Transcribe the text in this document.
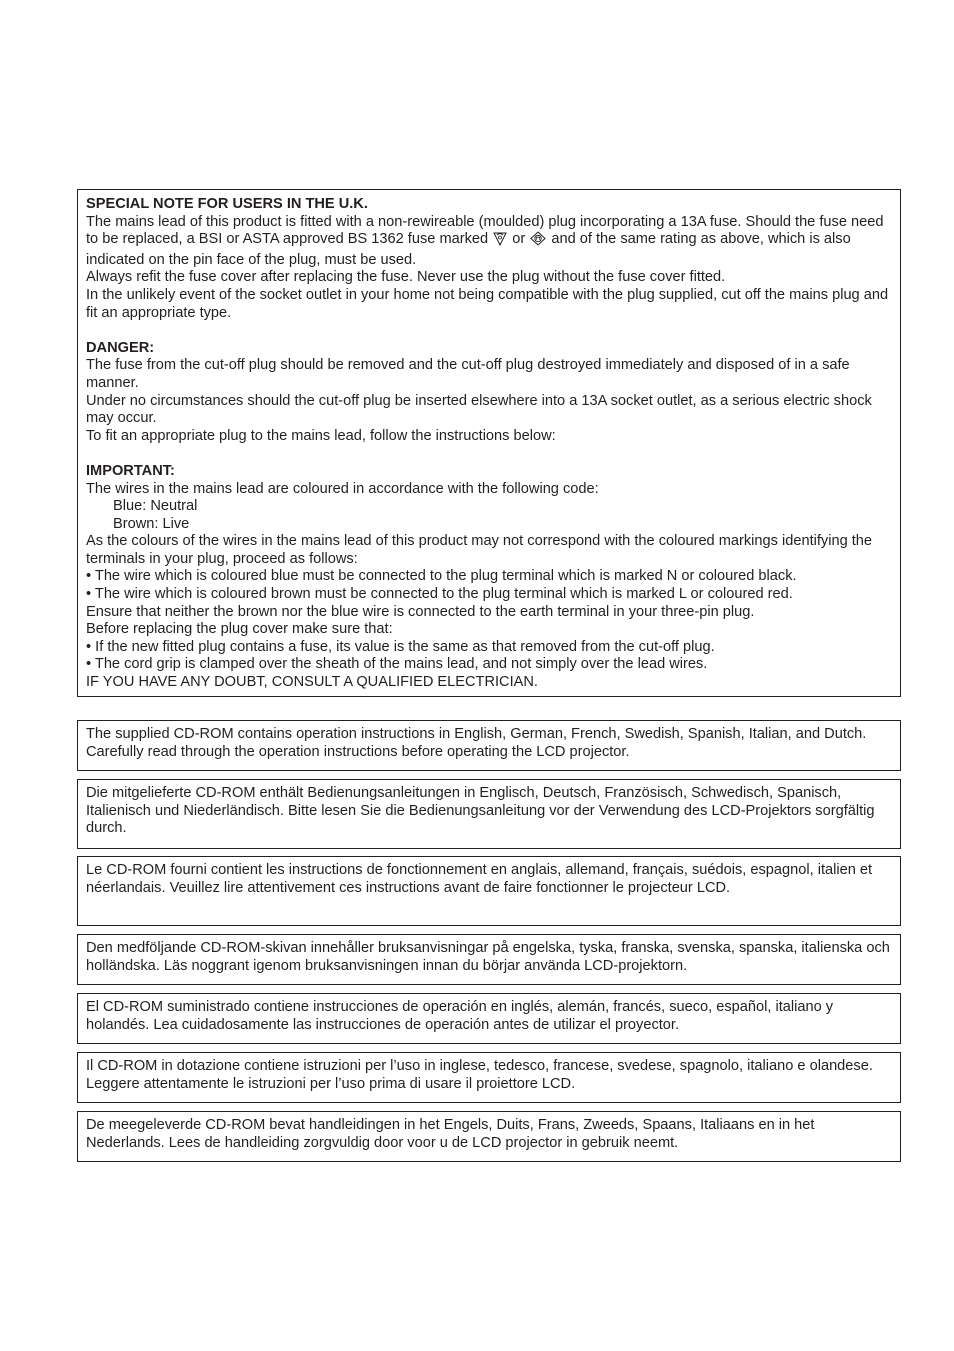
SPECIAL NOTE FOR USERS IN THE U.K.

The mains lead of this product is fitted with a non-rewireable (moulded) plug incorporating a 13A fuse. Should the fuse need to be replaced, a BSI or ASTA approved BS 1362 fuse marked or and of the same rating as above, which is also indicated on the pin face of the plug, must be used.

Always refit the fuse cover after replacing the fuse. Never use the plug without the fuse cover fitted.

In the unlikely event of the socket outlet in your home not being compatible with the plug supplied, cut off the mains plug and fit an appropriate type.

DANGER:

The fuse from the cut-off plug should be removed and the cut-off plug destroyed immediately and disposed of in a safe manner.

Under no circumstances should the cut-off plug be inserted elsewhere into a 13A socket outlet, as a serious electric shock may occur.

To fit an appropriate plug to the mains lead, follow the instructions below:

IMPORTANT:

The wires in the mains lead are coloured in accordance with the following code:

Blue: Neutral

Brown: Live

As the colours of the wires in the mains lead of this product may not correspond with the coloured markings identifying the terminals in your plug, proceed as follows:

• The wire which is coloured blue must be connected to the plug terminal which is marked N or coloured black.

• The wire which is coloured brown must be connected to the plug terminal which is marked L or coloured red.

Ensure that neither the brown nor the blue wire is connected to the earth terminal in your three-pin plug.

Before replacing the plug cover make sure that:

• If the new fitted plug contains a fuse, its value is the same as that removed from the cut-off plug.

• The cord grip is clamped over the sheath of the mains lead, and not simply over the lead wires.

IF YOU HAVE ANY DOUBT, CONSULT A QUALIFIED ELECTRICIAN.

The supplied CD-ROM contains operation instructions in English, German, French, Swedish, Spanish, Italian, and Dutch. Carefully read through the operation instructions before operating the LCD projector.

Die mitgelieferte CD-ROM enthält Bedienungsanleitungen in Englisch, Deutsch, Französisch, Schwedisch, Spanisch, Italienisch und Niederländisch. Bitte lesen Sie die Bedienungsanleitung vor der Verwendung des LCD-Projektors sorgfältig durch.

Le CD-ROM fourni contient les instructions de fonctionnement en anglais, allemand, français, suédois, espagnol, italien et néerlandais. Veuillez lire attentivement ces instructions avant de faire fonctionner le projecteur LCD.

Den medföljande CD-ROM-skivan innehåller bruksanvisningar på engelska, tyska, franska, svenska, spanska, italienska och holländska. Läs noggrant igenom bruksanvisningen innan du börjar använda LCD-projektorn.

El CD-ROM suministrado contiene instrucciones de operación en inglés, alemán, francés, sueco, español, italiano y holandés. Lea cuidadosamente las instrucciones de operación antes de utilizar el proyector.

Il CD-ROM in dotazione contiene istruzioni per l’uso in inglese, tedesco, francese, svedese, spagnolo, italiano e olandese. Leggere attentamente le istruzioni per l’uso prima di usare il proiettore LCD.

De meegeleverde CD-ROM bevat handleidingen in het Engels, Duits, Frans, Zweeds, Spaans, Italiaans en in het Nederlands. Lees de handleiding zorgvuldig door voor u de LCD projector in gebruik neemt.
